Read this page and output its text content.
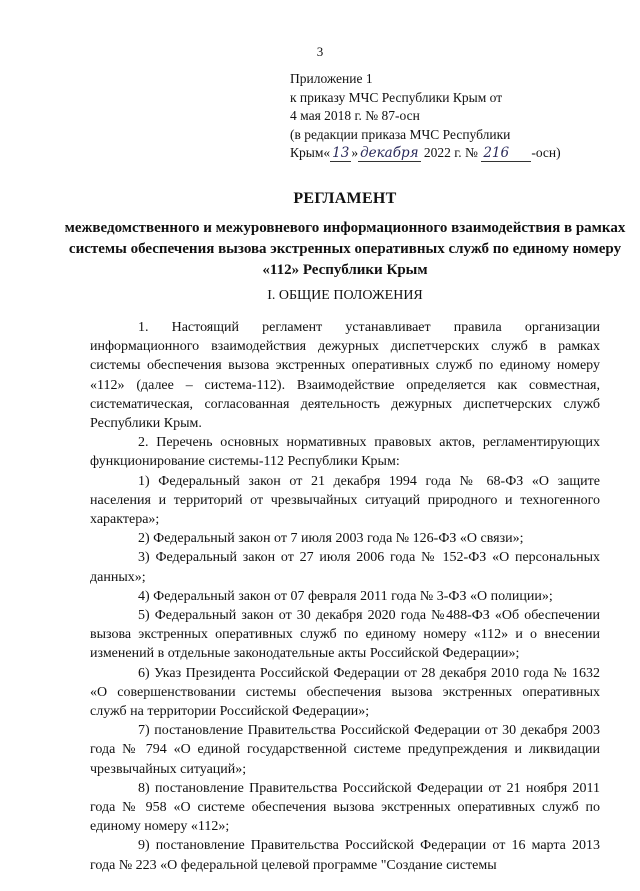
3
Приложение 1
к приказу МЧС Республики Крым от
4 мая 2018 г. № 87-осн
(в редакции приказа МЧС Республики
Крым« 13 » декабря 2022 г. № 216 -осн)
РЕГЛАМЕНТ
межведомственного и межуровневого информационного взаимодействия в рамках системы обеспечения вызова экстренных оперативных служб по единому номеру «112» Республики Крым
I. ОБЩИЕ ПОЛОЖЕНИЯ

1. Настоящий регламент устанавливает правила организации информационного взаимодействия дежурных диспетчерских служб в рамках системы обеспечения вызова экстренных оперативных служб по единому номеру «112» (далее – система-112). Взаимодействие определяется как совместная, систематическая, согласованная деятельность дежурных диспетчерских служб Республики Крым.

2. Перечень основных нормативных правовых актов, регламентирующих функционирование системы-112 Республики Крым:

1) Федеральный закон от 21 декабря 1994 года № 68-ФЗ «О защите населения и территорий от чрезвычайных ситуаций природного и техногенного характера»;

2) Федеральный закон от 7 июля 2003 года № 126-ФЗ «О связи»;

3) Федеральный закон от 27 июля 2006 года № 152-ФЗ «О персональных данных»;

4) Федеральный закон от 07 февраля 2011 года № 3-ФЗ «О полиции»;

5) Федеральный закон от 30 декабря 2020 года №488-ФЗ «Об обеспечении вызова экстренных оперативных служб по единому номеру «112» и о внесении изменений в отдельные законодательные акты Российской Федерации»;

6) Указ Президента Российской Федерации от 28 декабря 2010 года № 1632 «О совершенствовании системы обеспечения вызова экстренных оперативных служб на территории Российской Федерации»;

7) постановление Правительства Российской Федерации от 30 декабря 2003 года № 794 «О единой государственной системе предупреждения и ликвидации чрезвычайных ситуаций»;

8) постановление Правительства Российской Федерации от 21 ноября 2011 года № 958 «О системе обеспечения вызова экстренных оперативных служб по единому номеру «112»;

9) постановление Правительства Российской Федерации от 16 марта 2013 года № 223 «О федеральной целевой программе "Создание системы
